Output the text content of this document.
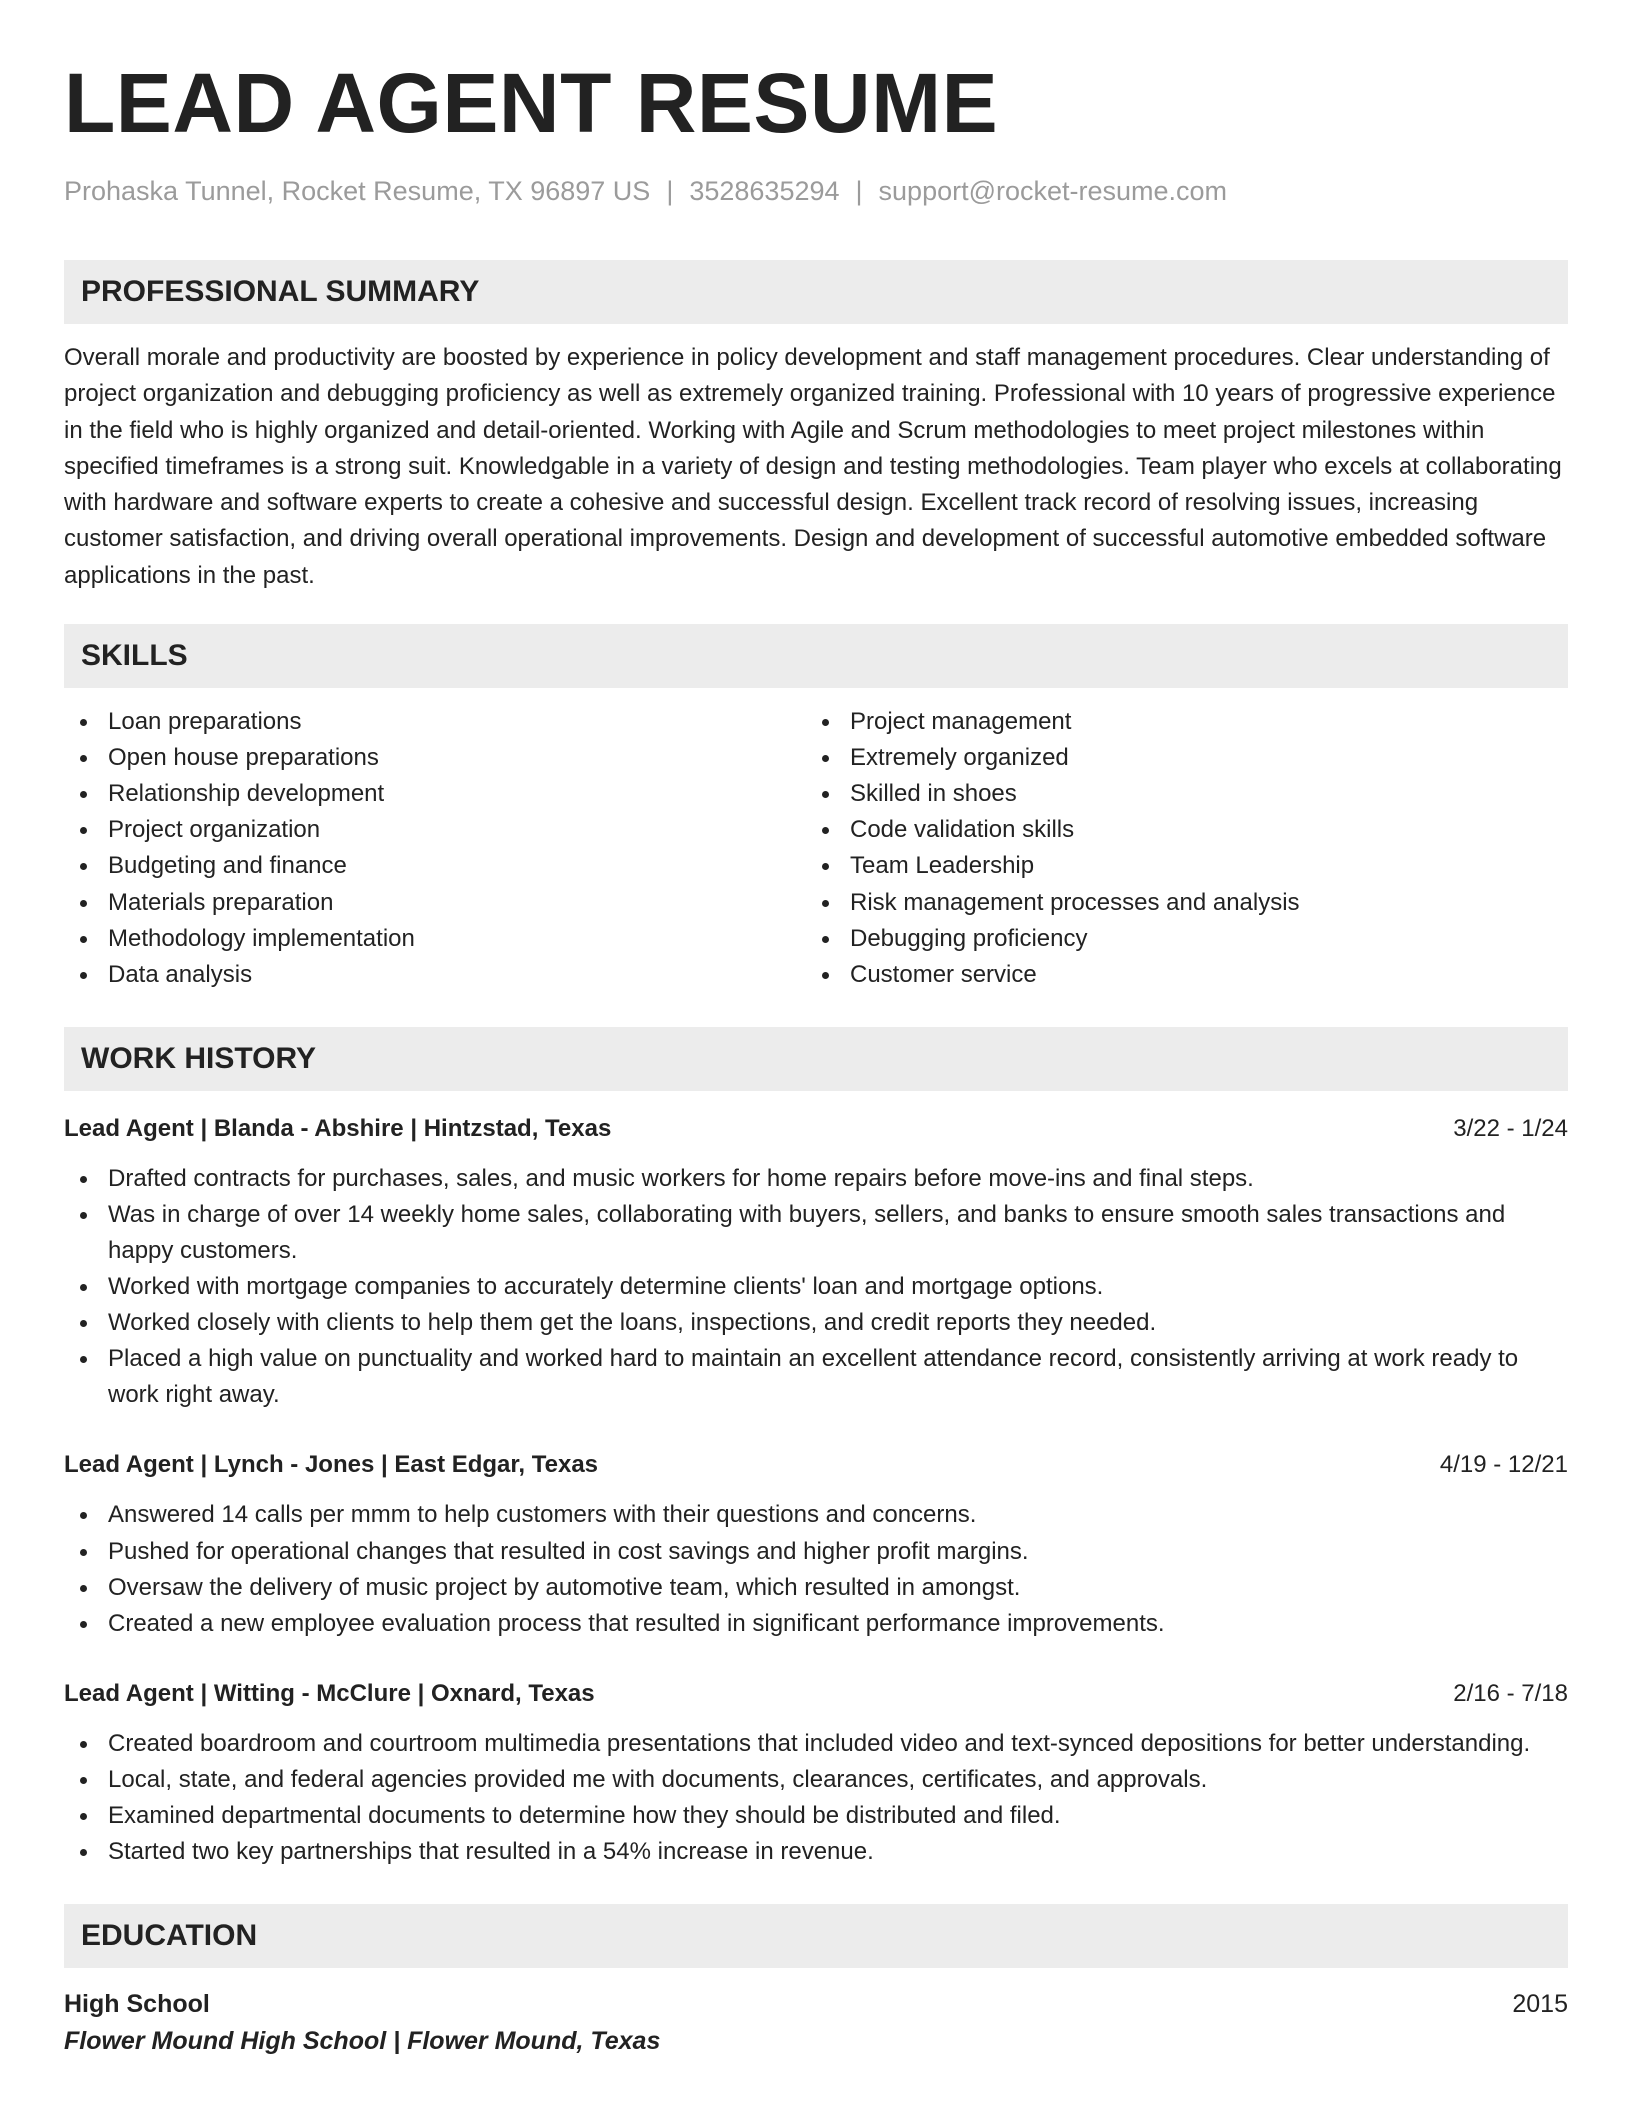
LEAD AGENT RESUME
Prohaska Tunnel, Rocket Resume, TX 96897 US | 3528635294 | support@rocket-resume.com
PROFESSIONAL SUMMARY
Overall morale and productivity are boosted by experience in policy development and staff management procedures. Clear understanding of project organization and debugging proficiency as well as extremely organized training. Professional with 10 years of progressive experience in the field who is highly organized and detail-oriented. Working with Agile and Scrum methodologies to meet project milestones within specified timeframes is a strong suit. Knowledgable in a variety of design and testing methodologies. Team player who excels at collaborating with hardware and software experts to create a cohesive and successful design. Excellent track record of resolving issues, increasing customer satisfaction, and driving overall operational improvements. Design and development of successful automotive embedded software applications in the past.
SKILLS
Loan preparations
Open house preparations
Relationship development
Project organization
Budgeting and finance
Materials preparation
Methodology implementation
Data analysis
Project management
Extremely organized
Skilled in shoes
Code validation skills
Team Leadership
Risk management processes and analysis
Debugging proficiency
Customer service
WORK HISTORY
Lead Agent | Blanda - Abshire | Hintzstad, Texas	3/22 - 1/24
Drafted contracts for purchases, sales, and music workers for home repairs before move-ins and final steps.
Was in charge of over 14 weekly home sales, collaborating with buyers, sellers, and banks to ensure smooth sales transactions and happy customers.
Worked with mortgage companies to accurately determine clients' loan and mortgage options.
Worked closely with clients to help them get the loans, inspections, and credit reports they needed.
Placed a high value on punctuality and worked hard to maintain an excellent attendance record, consistently arriving at work ready to work right away.
Lead Agent | Lynch - Jones | East Edgar, Texas	4/19 - 12/21
Answered 14 calls per mmm to help customers with their questions and concerns.
Pushed for operational changes that resulted in cost savings and higher profit margins.
Oversaw the delivery of music project by automotive team, which resulted in amongst.
Created a new employee evaluation process that resulted in significant performance improvements.
Lead Agent | Witting - McClure | Oxnard, Texas	2/16 - 7/18
Created boardroom and courtroom multimedia presentations that included video and text-synced depositions for better understanding.
Local, state, and federal agencies provided me with documents, clearances, certificates, and approvals.
Examined departmental documents to determine how they should be distributed and filed.
Started two key partnerships that resulted in a 54% increase in revenue.
EDUCATION
High School	2015
Flower Mound High School | Flower Mound, Texas
